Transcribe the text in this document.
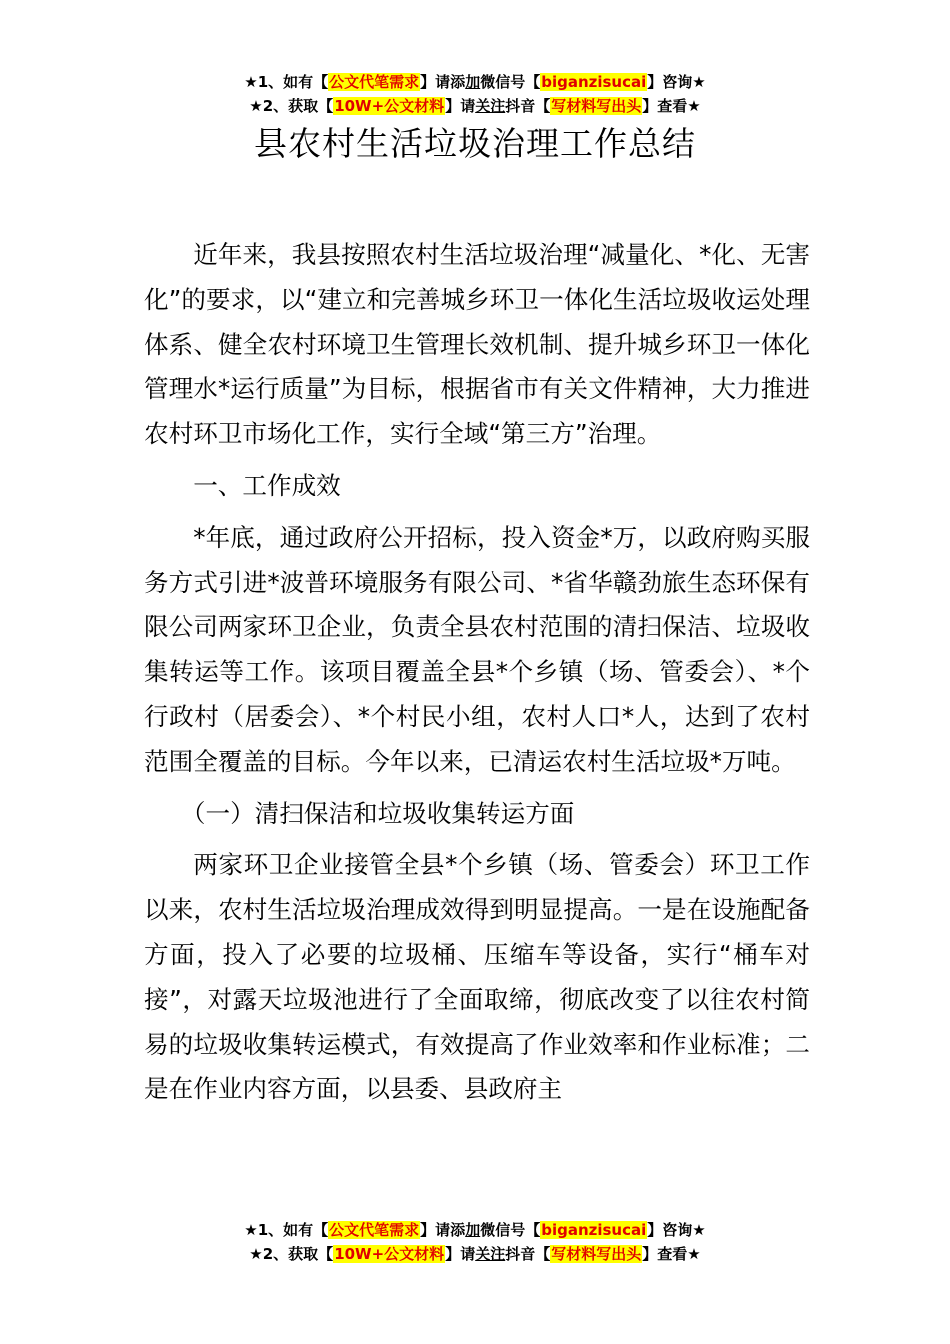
★1、如有【公文代笔需求】请添加微信号【biganzisucai】咨询★
★2、获取【10W+公文材料】请关注抖音【写材料写出头】查看★
县农村生活垃圾治理工作总结

近年来，我县按照农村生活垃圾治理“减量化、*化、无害化”的要求，以“建立和完善城乡环卫一体化生活垃圾收运处理体系、健全农村环境卫生管理长效机制、提升城乡环卫一体化管理水*运行质量”为目标，根据省市有关文件精神，大力推进农村环卫市场化工作，实行全域“第三方”治理。

一、工作成效

*年底，通过政府公开招标，投入资金*万，以政府购买服务方式引进*波普环境服务有限公司、*省华赣劲旅生态环保有限公司两家环卫企业，负责全县农村范围的清扫保洁、垃圾收集转运等工作。该项目覆盖全县*个乡镇（场、管委会）、*个行政村（居委会）、*个村民小组，农村人口*人，达到了农村范围全覆盖的目标。今年以来，已清运农村生活垃圾*万吨。

（一）清扫保洁和垃圾收集转运方面

两家环卫企业接管全县*个乡镇（场、管委会）环卫工作以来，农村生活垃圾治理成效得到明显提高。一是在设施配备方面，投入了必要的垃圾桶、压缩车等设备，实行“桶车对接”，对露天垃圾池进行了全面取缔，彻底改变了以往农村简易的垃圾收集转运模式，有效提高了作业效率和作业标准；二是在作业内容方面，以县委、县政府主

★1、如有【公文代笔需求】请添加微信号【biganzisucai】咨询★
★2、获取【10W+公文材料】请关注抖音【写材料写出头】查看★
